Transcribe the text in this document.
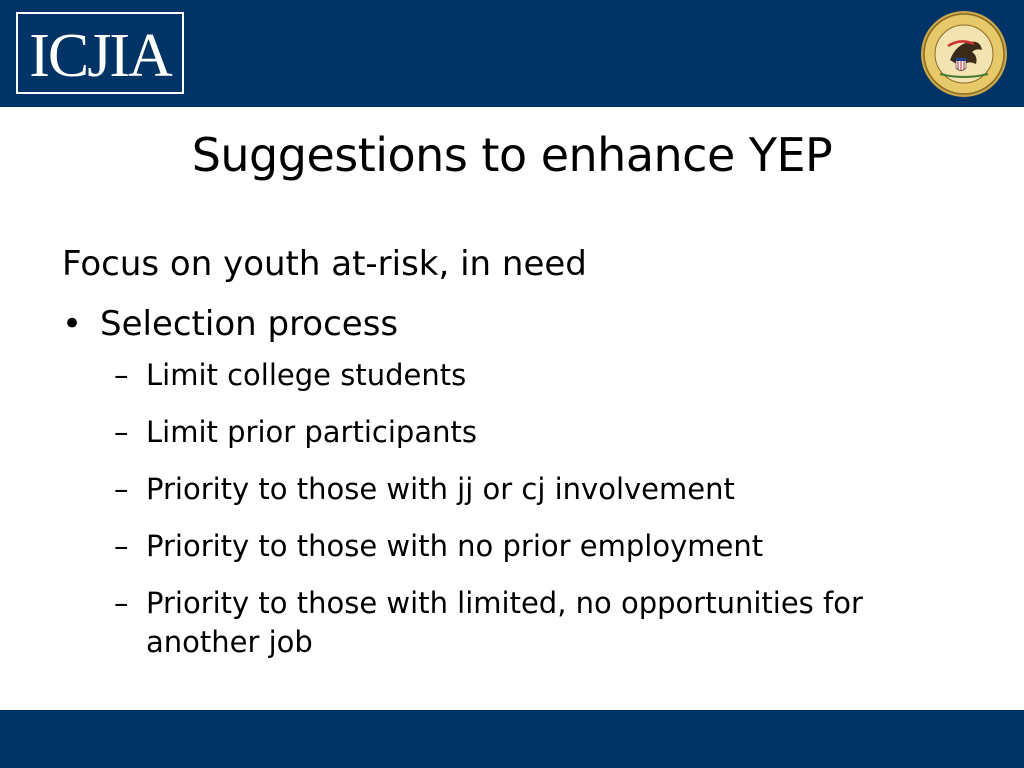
ICJIA
Suggestions to enhance YEP

Focus on youth at-risk, in need

• Selection process
– Limit college students
– Limit prior participants
– Priority to those with jj or cj involvement
– Priority to those with no prior employment
– Priority to those with limited, no opportunities for another job
